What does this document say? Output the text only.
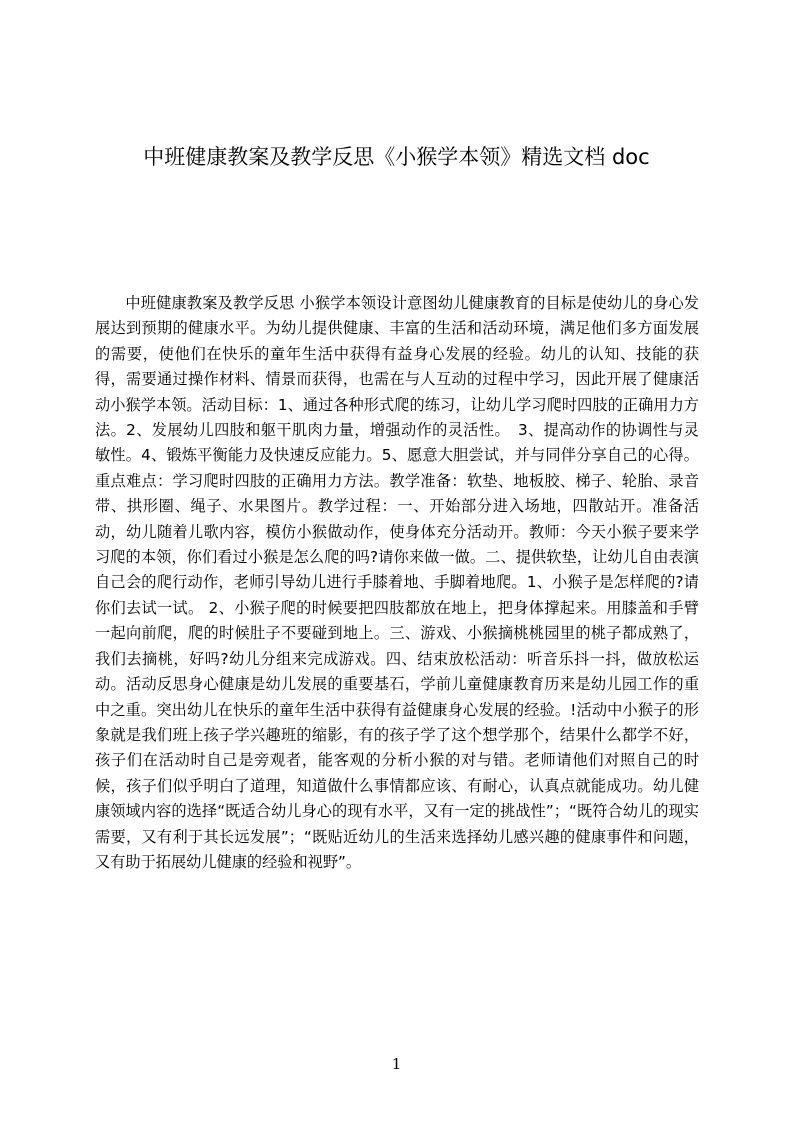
中班健康教案及教学反思《小猴学本领》精选文档 doc

中班健康教案及教学反思 小猴学本领设计意图幼儿健康教育的目标是使幼儿的身心发展达到预期的健康水平。为幼儿提供健康、丰富的生活和活动环境，满足他们多方面发展的需要，使他们在快乐的童年生活中获得有益身心发展的经验。幼儿的认知、技能的获得，需要通过操作材料、情景而获得，也需在与人互动的过程中学习，因此开展了健康活动小猴学本领。活动目标：1、通过各种形式爬的练习，让幼儿学习爬时四肢的正确用力方法。2、发展幼儿四肢和躯干肌肉力量，增强动作的灵活性。　3、提高动作的协调性与灵敏性。4、锻炼平衡能力及快速反应能力。5、愿意大胆尝试，并与同伴分享自己的心得。重点难点：学习爬时四肢的正确用力方法。教学准备：软垫、地板胶、梯子、轮胎、录音带、拱形圈、绳子、水果图片。教学过程：一、开始部分进入场地，四散站开。准备活动，幼儿随着儿歌内容，模仿小猴做动作，使身体充分活动开。教师：今天小猴子要来学习爬的本领，你们看过小猴是怎么爬的吗?请你来做一做。二、提供软垫，让幼儿自由表演自己会的爬行动作，老师引导幼儿进行手膝着地、手脚着地爬。1、小猴子是怎样爬的?请你们去试一试。 2、小猴子爬的时候要把四肢都放在地上，把身体撑起来。用膝盖和手臂一起向前爬，爬的时候肚子不要碰到地上。三、游戏、小猴摘桃桃园里的桃子都成熟了，我们去摘桃，好吗?幼儿分组来完成游戏。四、结束放松活动：听音乐抖一抖，做放松运动。活动反思身心健康是幼儿发展的重要基石，学前儿童健康教育历来是幼儿园工作的重中之重。突出幼儿在快乐的童年生活中获得有益健康身心发展的经验。!活动中小猴子的形象就是我们班上孩子学兴趣班的缩影，有的孩子学了这个想学那个，结果什么都学不好，孩子们在活动时自己是旁观者，能客观的分析小猴的对与错。老师请他们对照自己的时候，孩子们似乎明白了道理，知道做什么事情都应该、有耐心，认真点就能成功。幼儿健康领域内容的选择“既适合幼儿身心的现有水平，又有一定的挑战性”；“既符合幼儿的现实需要，又有利于其长远发展”；“既贴近幼儿的生活来选择幼儿感兴趣的健康事件和问题，又有助于拓展幼儿健康的经验和视野”。

1
